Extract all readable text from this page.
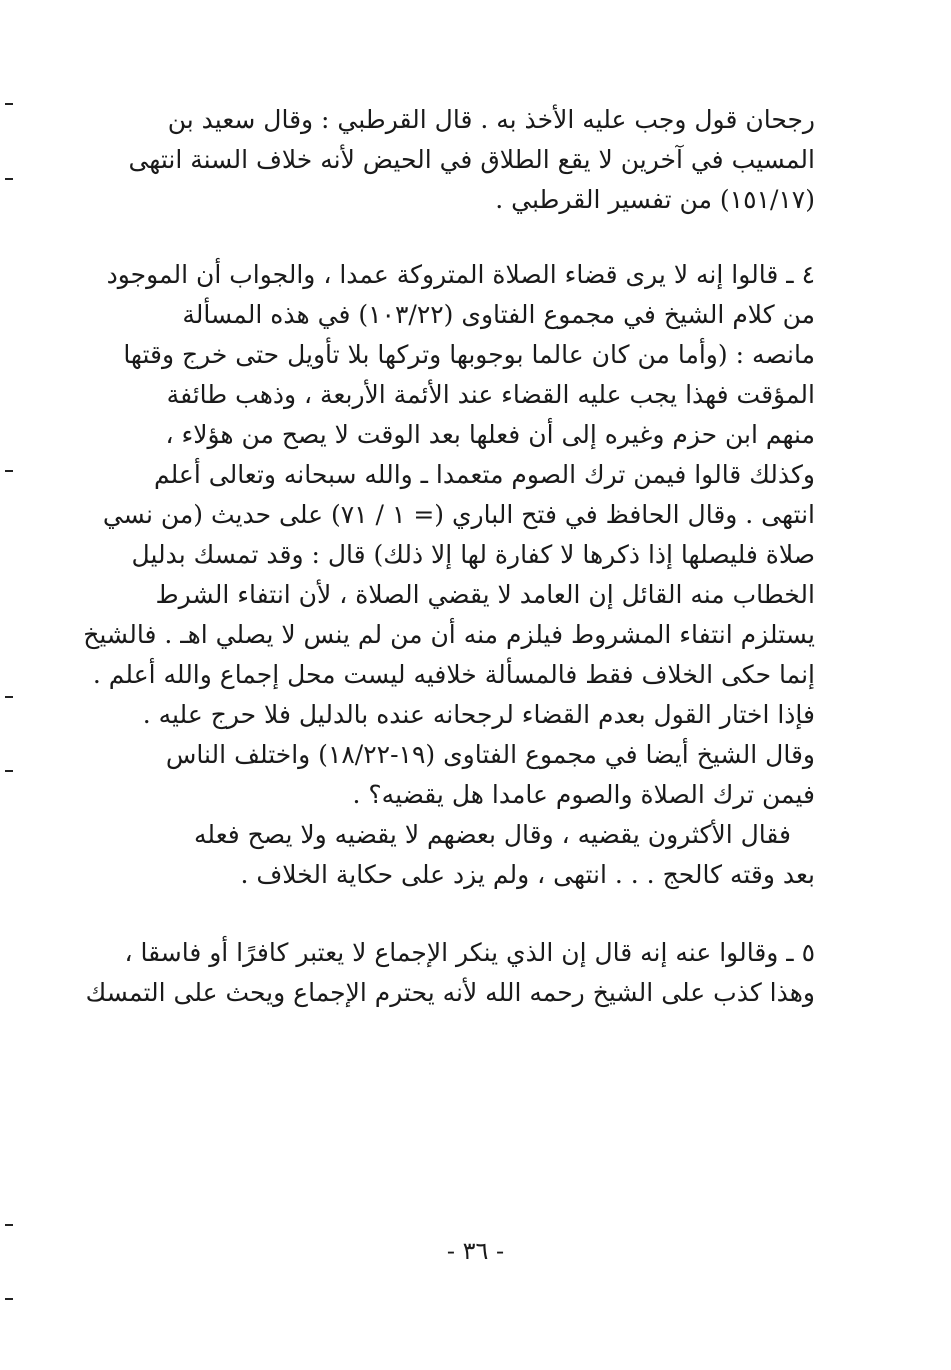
رجحان قول وجب عليه الأخذ به . قال القرطبي : وقال سعيد بن
المسيب في آخرين لا يقع الطلاق في الحيض لأنه خلاف السنة انتهى
(١٥١/١٧) من تفسير القرطبي .
٤ ـ قالوا إنه لا يرى قضاء الصلاة المتروكة عمدا ، والجواب أن الموجود
من كلام الشيخ في مجموع الفتاوى (١٠٣/٢٢) في هذه المسألة
مانصه : (وأما من كان عالما بوجوبها وتركها بلا تأويل حتى خرج وقتها
المؤقت فهذا يجب عليه القضاء عند الأئمة الأربعة ، وذهب طائفة
منهم ابن حزم وغيره إلى أن فعلها بعد الوقت لا يصح من هؤلاء ،
وكذلك قالوا فيمن ترك الصوم متعمدا ـ والله سبحانه وتعالى أعلم
انتهى . وقال الحافظ في فتح الباري (= ١ / ٧١) على حديث (من نسي
صلاة فليصلها إذا ذكرها لا كفارة لها إلا ذلك) قال : وقد تمسك بدليل
الخطاب منه القائل إن العامد لا يقضي الصلاة ، لأن انتفاء الشرط
يستلزم انتفاء المشروط فيلزم منه أن من لم ينس لا يصلي اهـ . فالشيخ
إنما حكى الخلاف فقط فالمسألة خلافيه ليست محل إجماع والله أعلم .
فإذا اختار القول بعدم القضاء لرجحانه عنده بالدليل فلا حرج عليه .
وقال الشيخ أيضا في مجموع الفتاوى (١٩-١٨/٢٢) واختلف الناس
فيمن ترك الصلاة والصوم عامدا هل يقضيه؟ .
فقال الأكثرون يقضيه ، وقال بعضهم لا يقضيه ولا يصح فعله
بعد وقته كالحج . . . انتهى ، ولم يزد على حكاية الخلاف .
٥ ـ وقالوا عنه إنه قال إن الذي ينكر الإجماع لا يعتبر كافرًا أو فاسقا ،
وهذا كذب على الشيخ رحمه الله لأنه يحترم الإجماع ويحث على التمسك
- ٣٦ -
